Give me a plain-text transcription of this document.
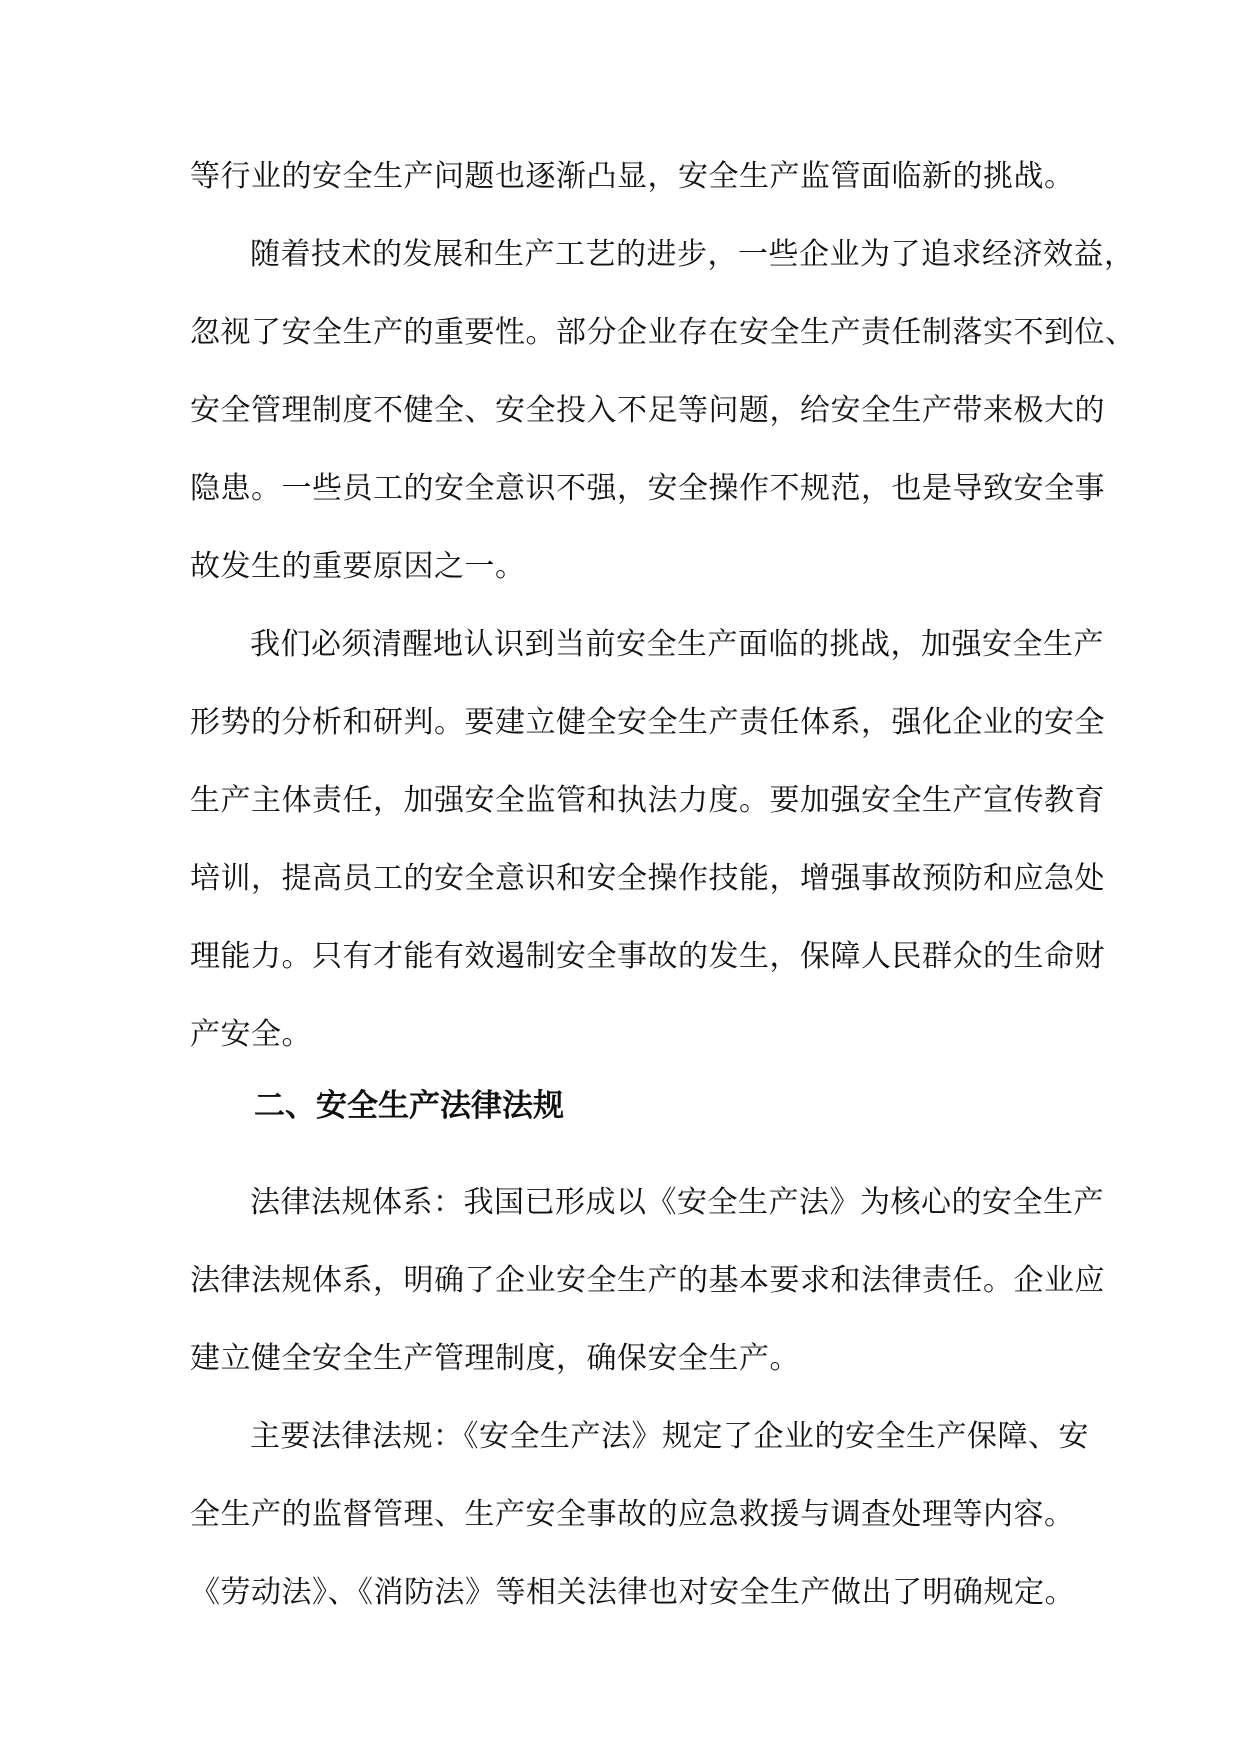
等行业的安全生产问题也逐渐凸显，安全生产监管面临新的挑战。
随着技术的发展和生产工艺的进步，一些企业为了追求经济效益，
忽视了安全生产的重要性。部分企业存在安全生产责任制落实不到位、
安全管理制度不健全、安全投入不足等问题，给安全生产带来极大的
隐患。一些员工的安全意识不强，安全操作不规范，也是导致安全事
故发生的重要原因之一。
我们必须清醒地认识到当前安全生产面临的挑战，加强安全生产
形势的分析和研判。要建立健全安全生产责任体系，强化企业的安全
生产主体责任，加强安全监管和执法力度。要加强安全生产宣传教育
培训，提高员工的安全意识和安全操作技能，增强事故预防和应急处
理能力。只有才能有效遏制安全事故的发生，保障人民群众的生命财
产安全。
二、安全生产法律法规
法律法规体系：我国已形成以《安全生产法》为核心的安全生产
法律法规体系，明确了企业安全生产的基本要求和法律责任。企业应
建立健全安全生产管理制度，确保安全生产。
主要法律法规：《安全生产法》规定了企业的安全生产保障、安
全生产的监督管理、生产安全事故的应急救援与调查处理等内容。
《劳动法》、《消防法》等相关法律也对安全生产做出了明确规定。
